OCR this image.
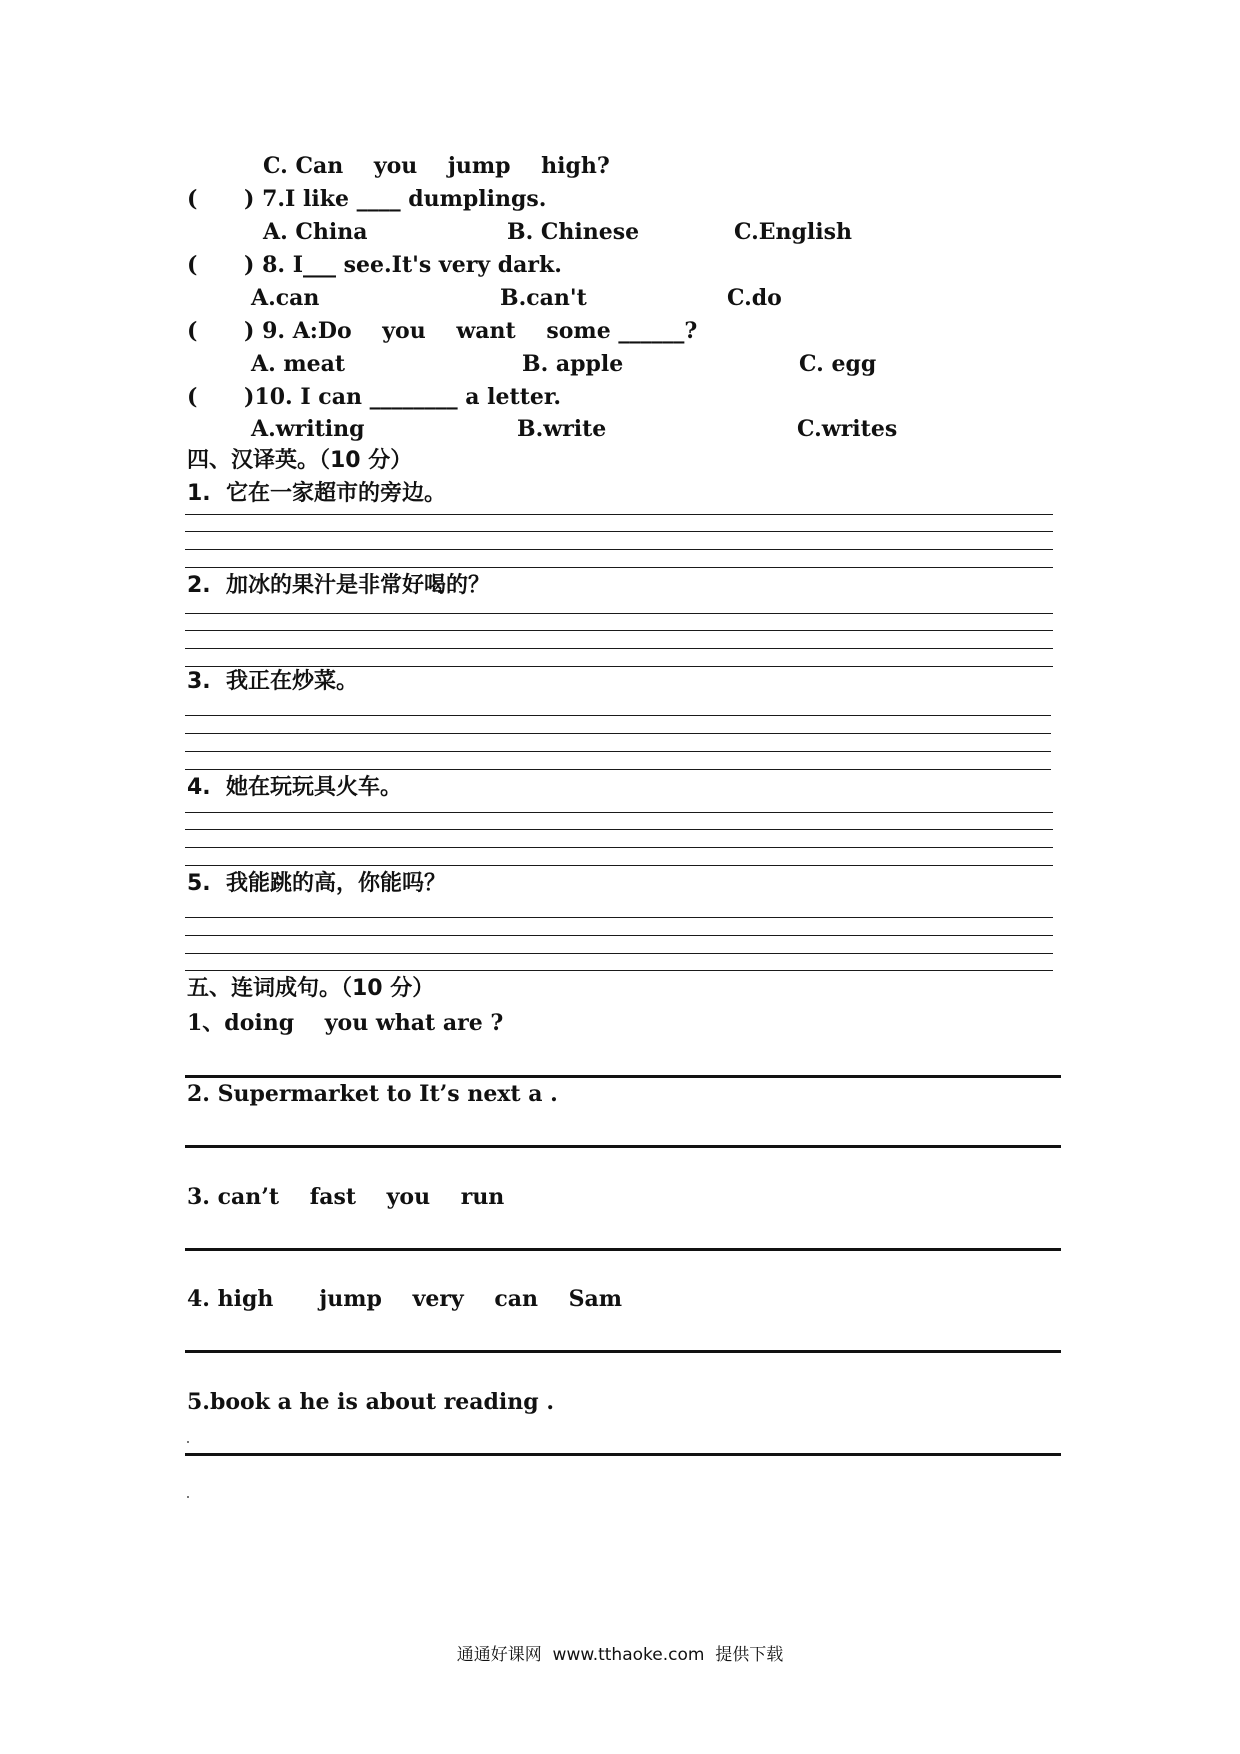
C. Can    you    jump    high?
( ) 7.I like ____ dumplings.
A. China	B. Chinese	C.English
( ) 8. I___ see.It's very dark.
A.can	B.can't	C.do
( ) 9. A:Do    you    want    some ______?
A. meat	B. apple	C. egg
( )10. I can ________ a letter.
A.writing	B.write	C.writes
四、汉译英。（10 分）
1.  它在一家超市的旁边。
2.  加冰的果汁是非常好喝的？
3.  我正在炒菜。
4.  她在玩玩具火车。
5.  我能跳的高，你能吗？
五、连词成句。（10 分）
1、doing    you what are ?
2. Supermarket to It’s next a .
3. can’t    fast    you    run
4. high      jump    very    can    Sam
5.book a he is about reading .
通通好课网  www.tthaoke.com  提供下载
